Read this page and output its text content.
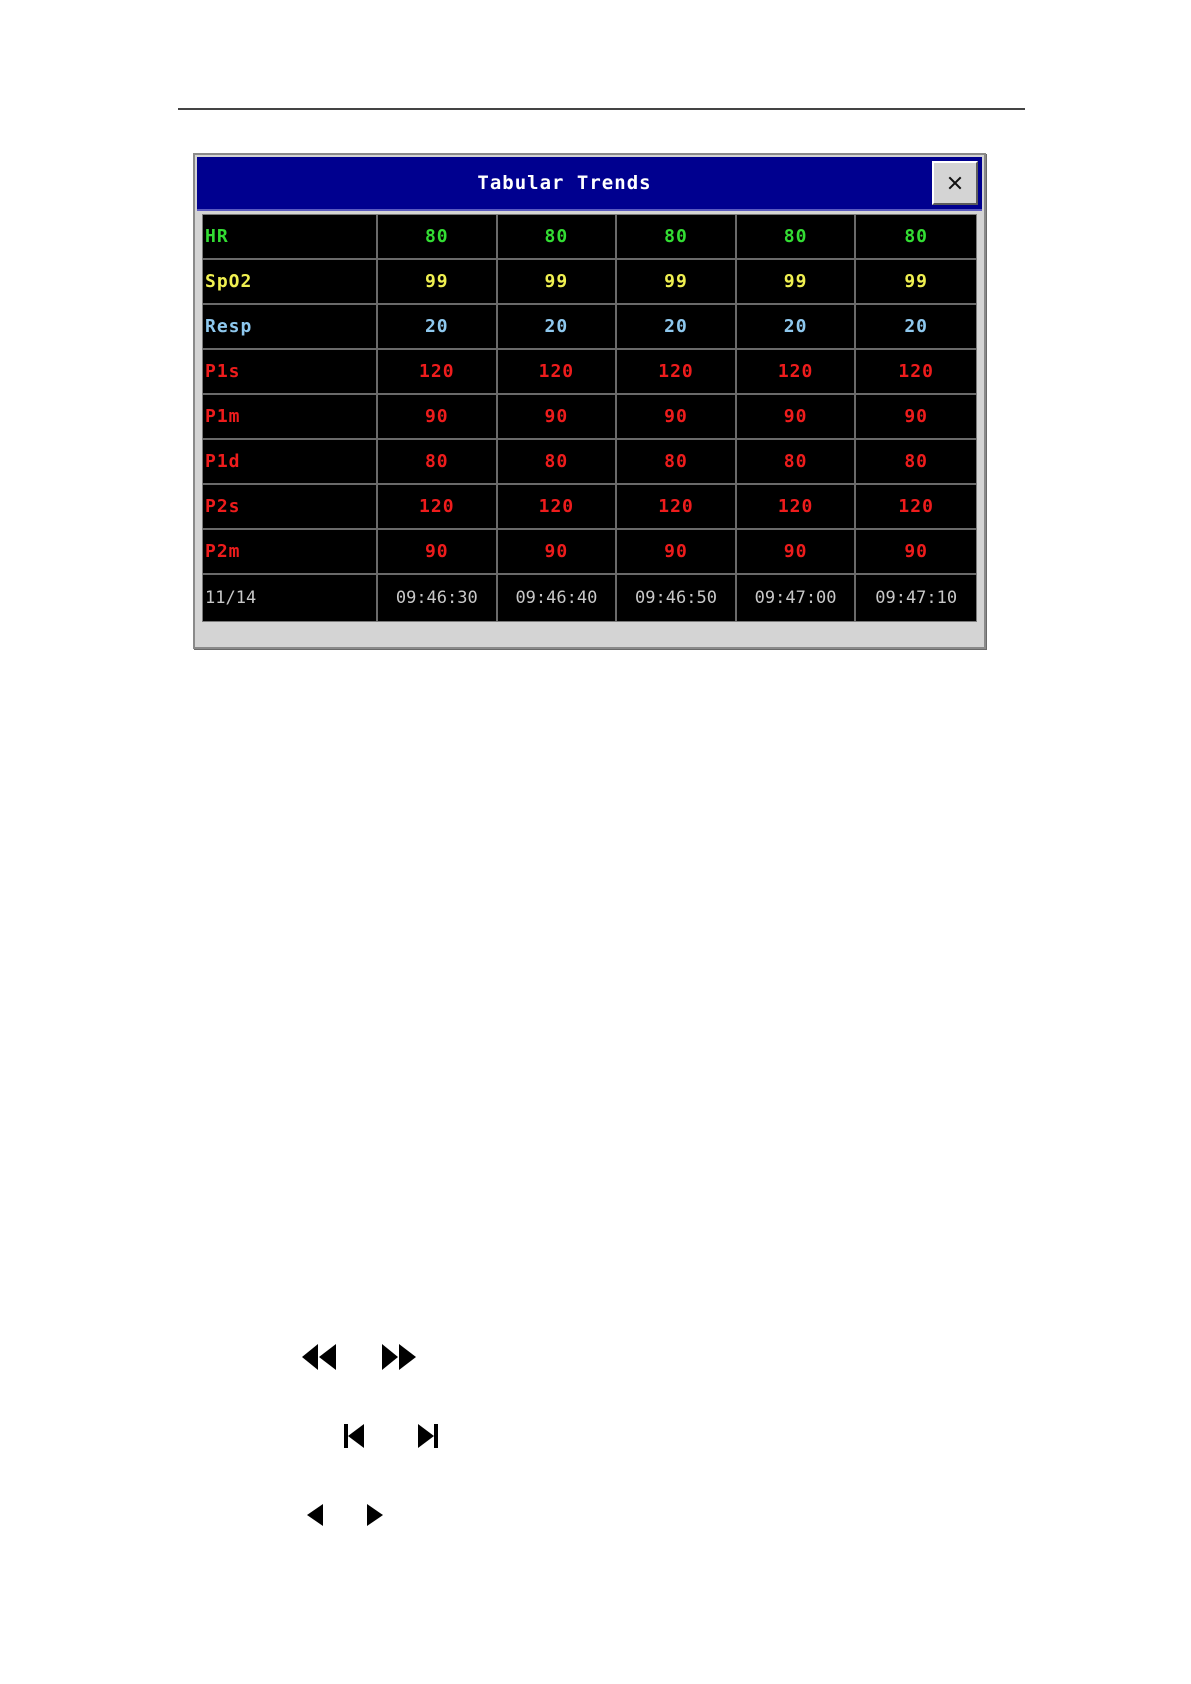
Tabular Trends
HR	80	80	80	80	80
SpO2	99	99	99	99	99
Resp	20	20	20	20	20
P1s	120	120	120	120	120
P1m	90	90	90	90	90
P1d	80	80	80	80	80
P2s	120	120	120	120	120
P2m	90	90	90	90	90
11/14	09:46:30	09:46:40	09:46:50	09:47:00	09:47:10
